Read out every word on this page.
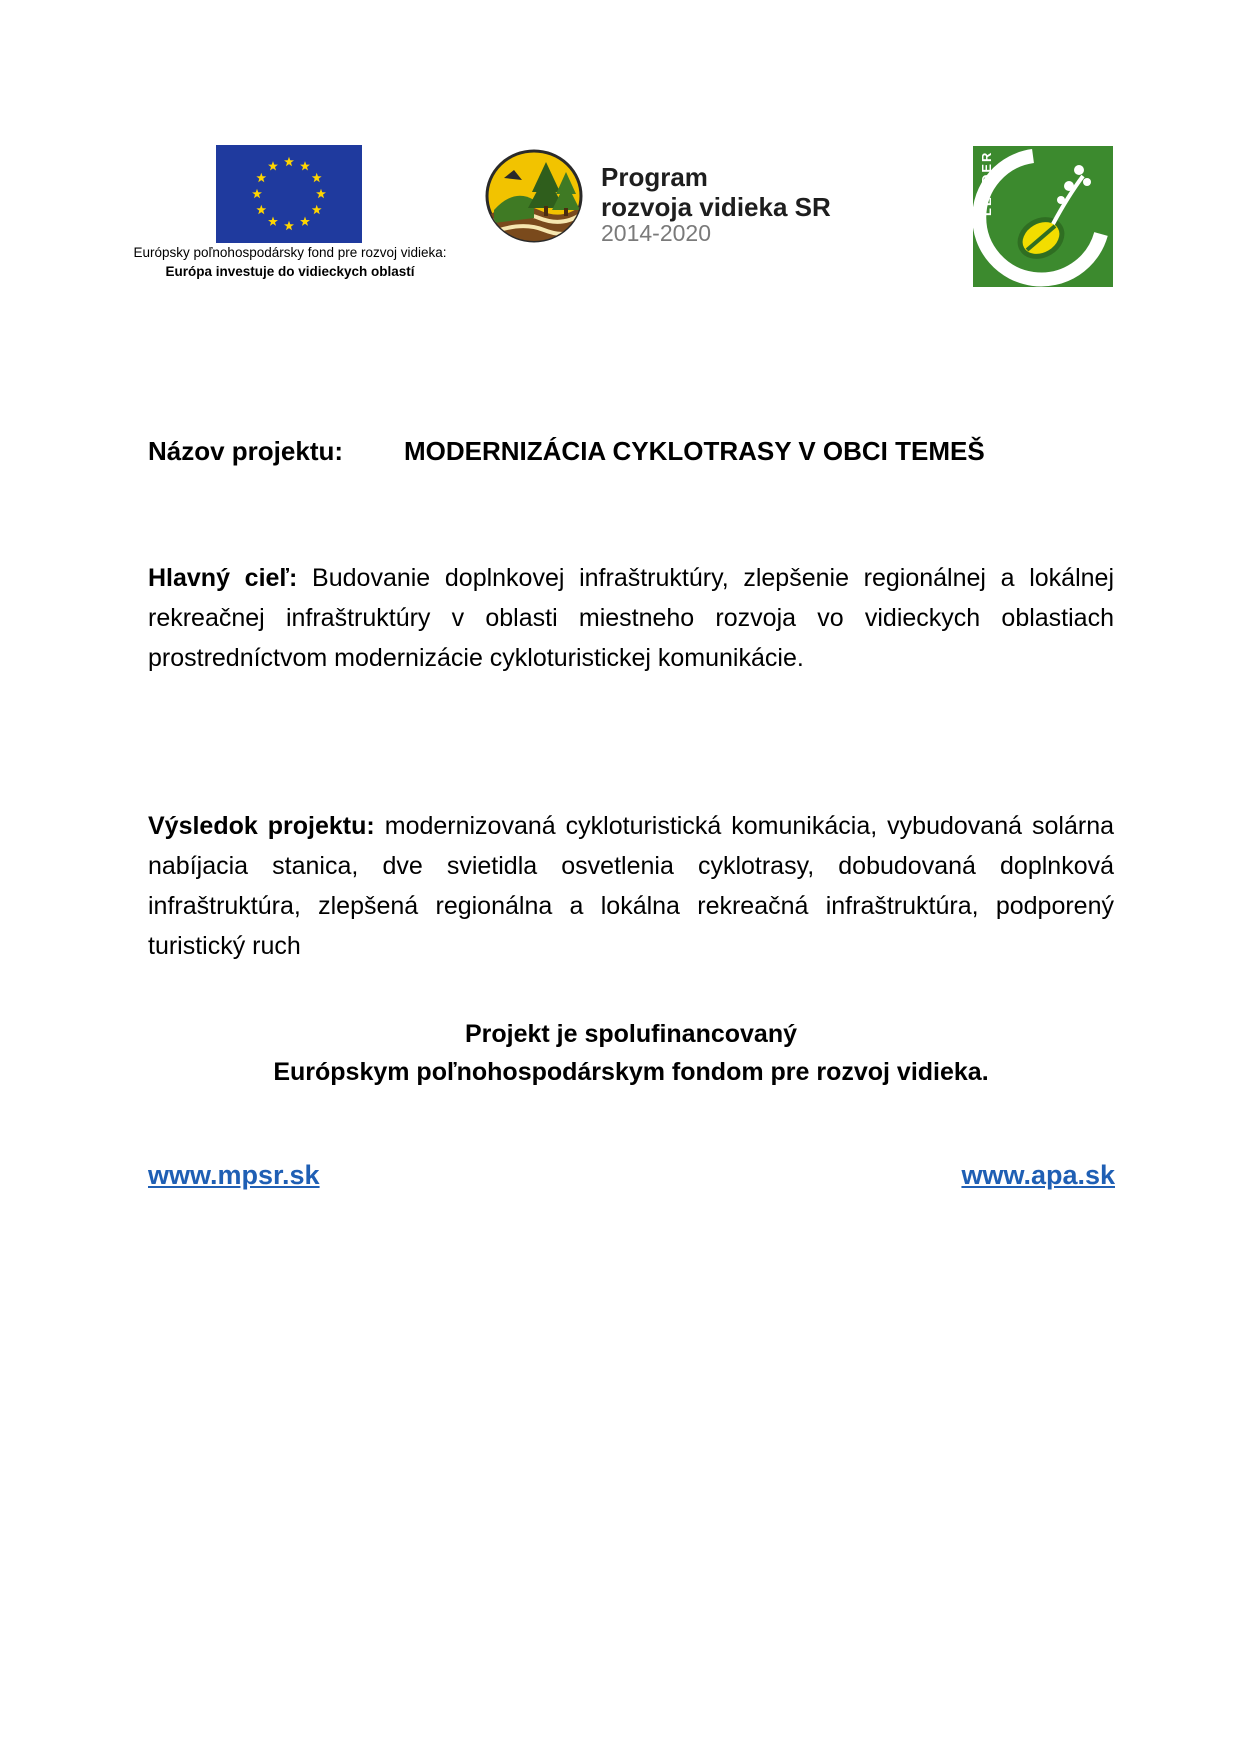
Európsky poľnohospodársky fond pre rozvoj vidieka:
Európa investuje do vidieckych oblastí
Program
rozvoja vidieka SR
2014-2020
LEADER
Názov projektu: MODERNIZÁCIA CYKLOTRASY V OBCI TEMEŠ
Hlavný cieľ: Budovanie doplnkovej infraštruktúry, zlepšenie regionálnej a lokálnej rekreačnej infraštruktúry v oblasti miestneho rozvoja vo vidieckych oblastiach prostredníctvom modernizácie cykloturistickej komunikácie.
Výsledok projektu: modernizovaná cykloturistická komunikácia, vybudovaná solárna nabíjacia stanica, dve svietidla osvetlenia cyklotrasy, dobudovaná doplnková infraštruktúra, zlepšená regionálna a lokálna rekreačná infraštruktúra, podporený turistický ruch
Projekt je spolufinancovaný
Európskym poľnohospodárskym fondom pre rozvoj vidieka.
www.mpsr.sk	www.apa.sk
